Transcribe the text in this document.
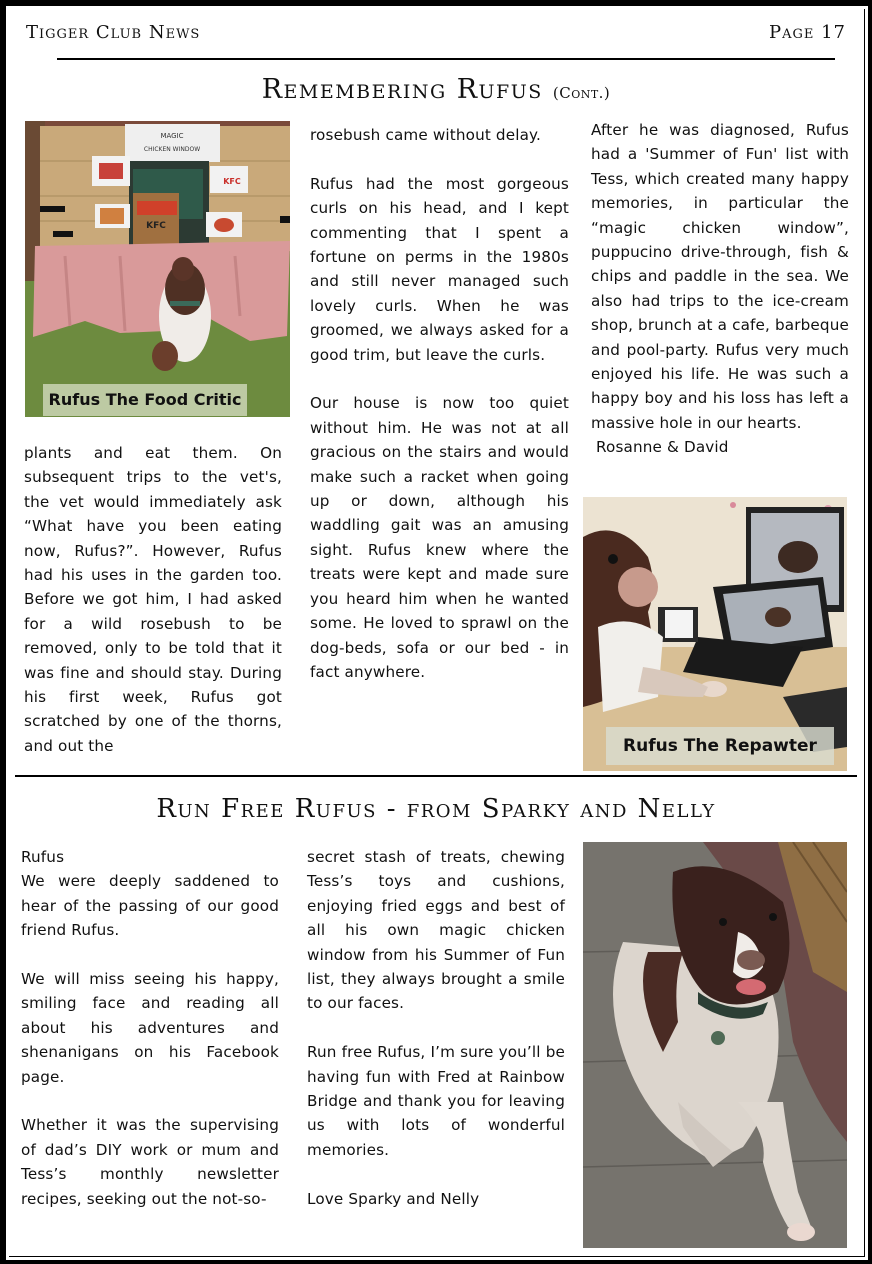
Tigger Club News	Page 17
Remembering Rufus (Cont.)
MAGIC
CHICKEN WINDOW
KFC
KFC
Rufus The Food Critic

plants and eat them. On subsequent trips to the vet's, the vet would immediately ask “What have you been eating now, Rufus?”. However, Rufus had his uses in the garden too. Before we got him, I had asked for a wild rosebush to be removed, only to be told that it was fine and should stay. During his first week, Rufus got scratched by one of the thorns, and out the

rosebush came without delay.

Rufus had the most gorgeous curls on his head, and I kept commenting that I spent a fortune on perms in the 1980s and still never managed such lovely curls. When he was groomed, we always asked for a good trim, but leave the curls.

Our house is now too quiet without him. He was not at all gracious on the stairs and would make such a racket when going up or down, although his waddling gait was an amusing sight. Rufus knew where the treats were kept and made sure you heard him when he wanted some. He loved to sprawl on the dog-beds, sofa or our bed - in fact anywhere.

After he was diagnosed, Rufus had a 'Summer of Fun' list with Tess, which created many happy memories, in particular the “magic chicken window”, puppucino drive-through, fish & chips and paddle in the sea. We also had trips to the ice-cream shop, brunch at a cafe, barbeque and pool-party. Rufus very much enjoyed his life. He was such a happy boy and his loss has left a massive hole in our hearts.

Rosanne & David
Rufus The Repawter
Run Free Rufus - from Sparky and Nelly
Rufus

We were deeply saddened to hear of the passing of our good friend Rufus.

We will miss seeing his happy, smiling face and reading all about his adventures and shenanigans on his Facebook page.

Whether it was the supervising of dad’s DIY work or mum and Tess’s monthly newsletter recipes, seeking out the not-so-

secret stash of treats, chewing Tess’s toys and cushions, enjoying fried eggs and best of all his own magic chicken window from his Summer of Fun list, they always brought a smile to our faces.

Run free Rufus, I’m sure you’ll be having fun with Fred at Rainbow Bridge and thank you for leaving us with lots of wonderful memories.

Love Sparky and Nelly
